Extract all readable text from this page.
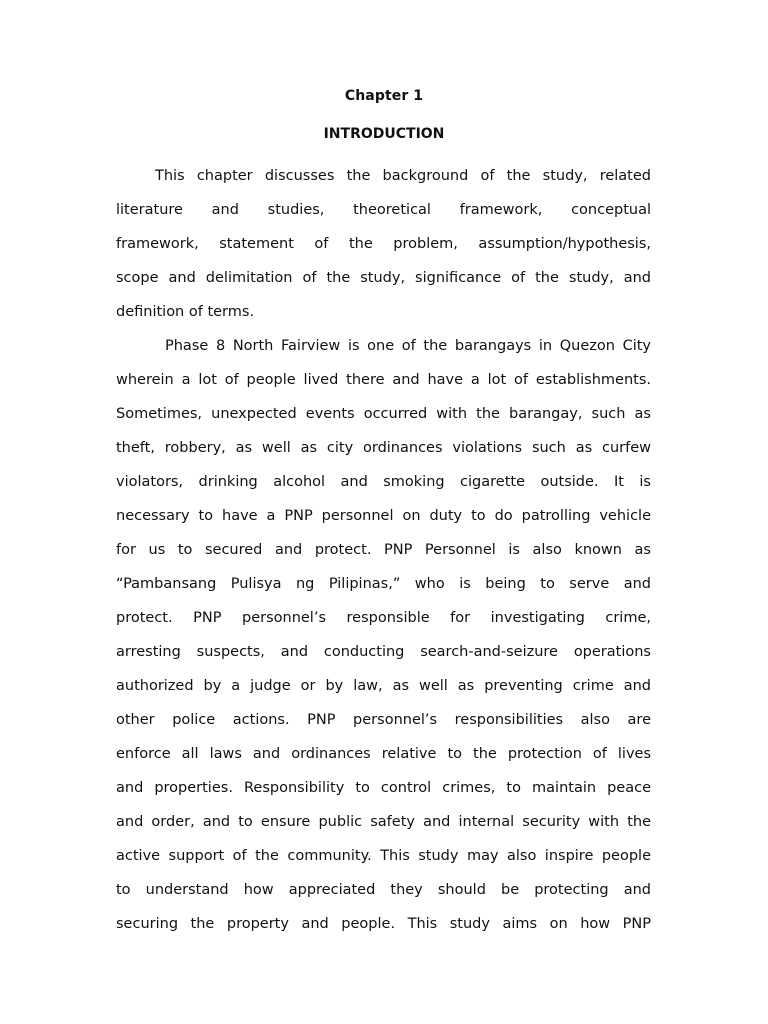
Chapter 1
INTRODUCTION
This chapter discusses the background of the study, related
literature and studies, theoretical framework, conceptual
framework, statement of the problem, assumption/hypothesis,
scope and delimitation of the study, significance of the study, and
definition of terms.
Phase 8 North Fairview is one of the barangays in Quezon City
wherein a lot of people lived there and have a lot of establishments.
Sometimes, unexpected events occurred with the barangay, such as
theft, robbery, as well as city ordinances violations such as curfew
violators, drinking alcohol and smoking cigarette outside. It is
necessary to have a PNP personnel on duty to do patrolling vehicle
for us to secured and protect. PNP Personnel is also known as
“Pambansang Pulisya ng Pilipinas,” who is being to serve and
protect. PNP personnel’s responsible for investigating crime,
arresting suspects, and conducting search-and-seizure operations
authorized by a judge or by law, as well as preventing crime and
other police actions. PNP personnel’s responsibilities also are
enforce all laws and ordinances relative to the protection of lives
and properties. Responsibility to control crimes, to maintain peace
and order, and to ensure public safety and internal security with the
active support of the community. This study may also inspire people
to understand how appreciated they should be protecting and
securing the property and people. This study aims on how PNP
